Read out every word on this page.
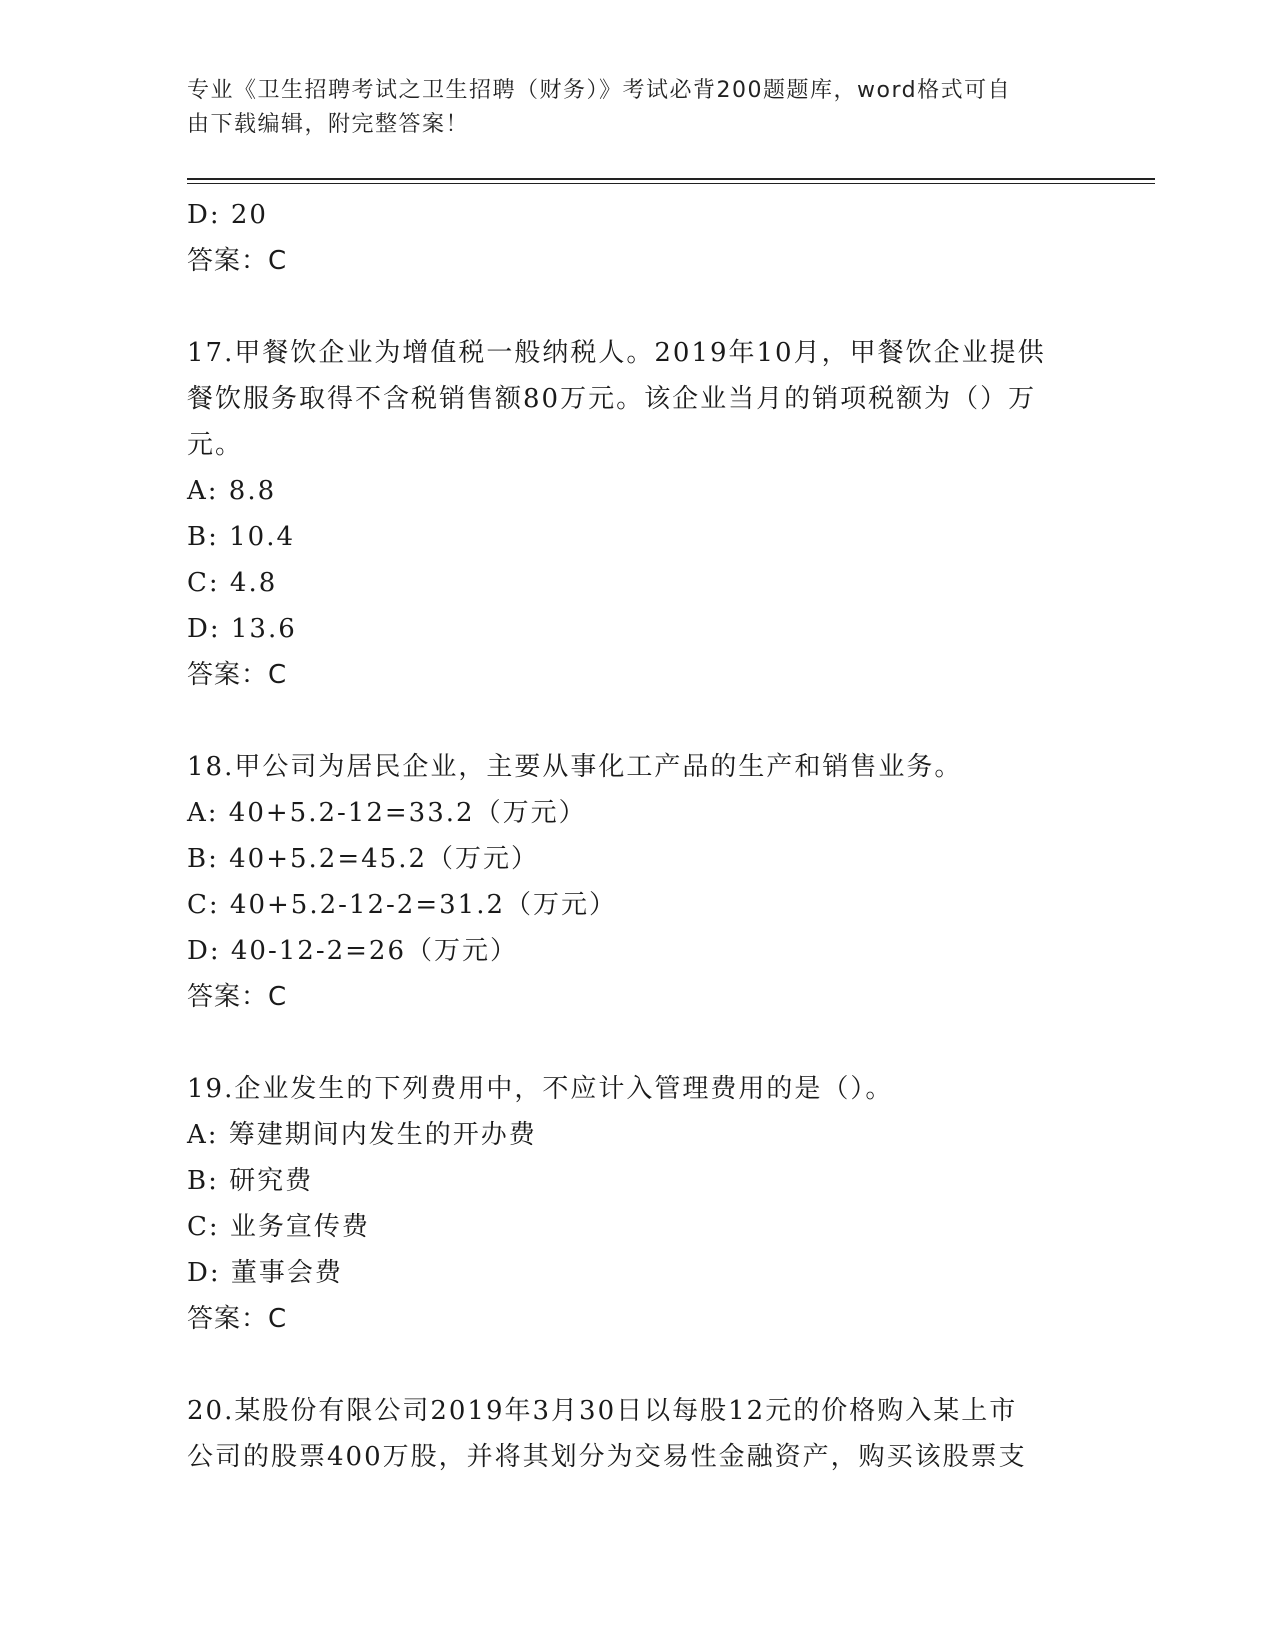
专业《卫生招聘考试之卫生招聘（财务）》考试必背200题题库，word格式可自
由下载编辑，附完整答案！
D: 20
答案：C
17.甲餐饮企业为增值税一般纳税人。2019年10月，甲餐饮企业提供
餐饮服务取得不含税销售额80万元。该企业当月的销项税额为（）万
元。
A: 8.8
B: 10.4
C: 4.8
D: 13.6
答案：C
18.甲公司为居民企业，主要从事化工产品的生产和销售业务。
A: 40+5.2-12=33.2（万元）
B: 40+5.2=45.2（万元）
C: 40+5.2-12-2=31.2（万元）
D: 40-12-2=26（万元）
答案：C
19.企业发生的下列费用中，不应计入管理费用的是（）。
A: 筹建期间内发生的开办费
B: 研究费
C: 业务宣传费
D: 董事会费
答案：C
20.某股份有限公司2019年3月30日以每股12元的价格购入某上市
公司的股票400万股，并将其划分为交易性金融资产，购买该股票支
